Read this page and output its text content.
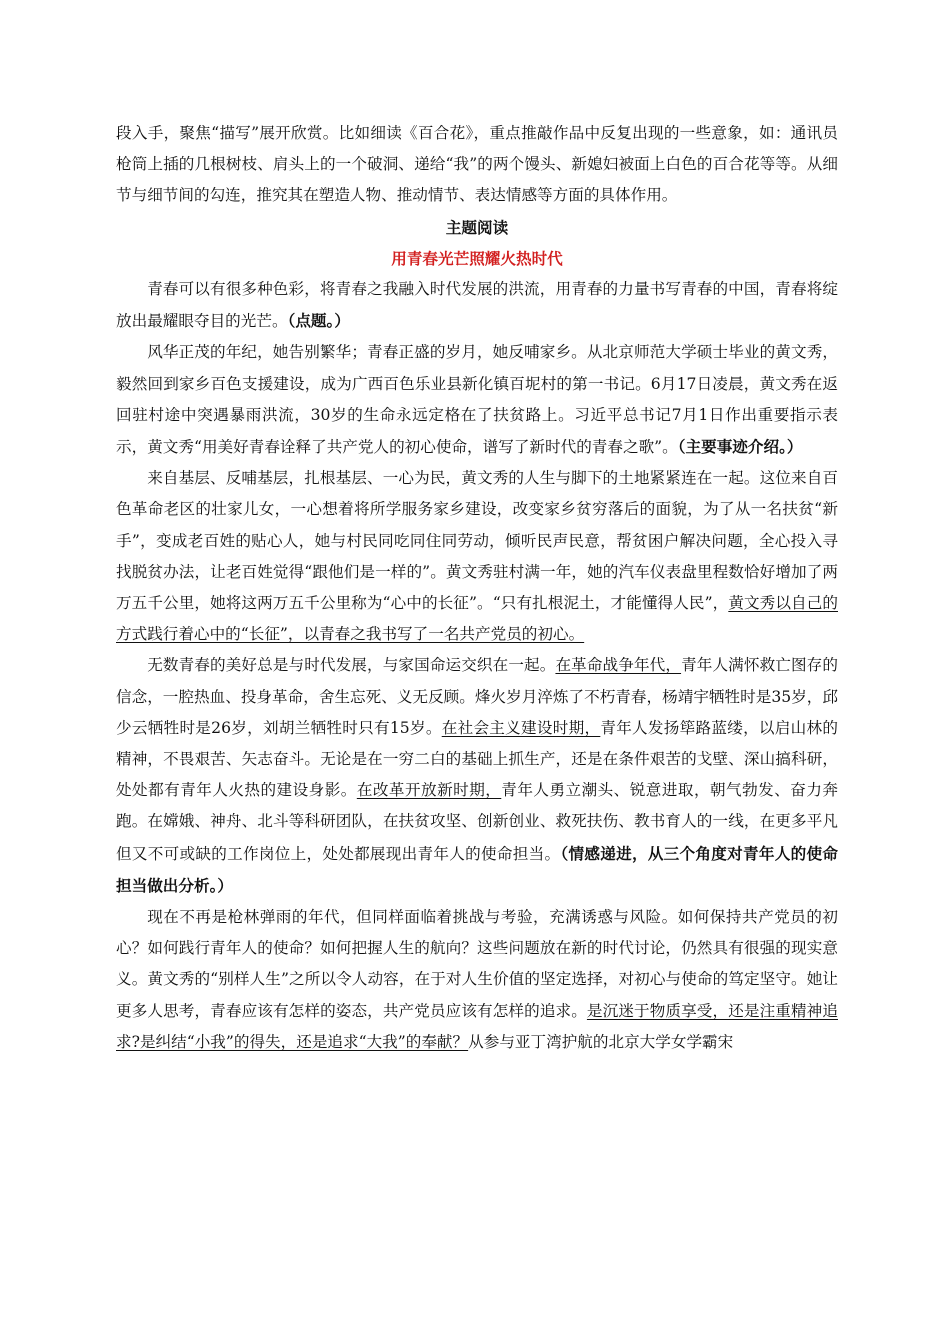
段入手，聚焦“描写”展开欣赏。比如细读《百合花》，重点推敲作品中反复出现的一些意象，如：通讯员枪筒上插的几根树枝、肩头上的一个破洞、递给“我”的两个馒头、新媳妇被面上白色的百合花等等。从细节与细节间的勾连，推究其在塑造人物、推动情节、表达情感等方面的具体作用。

主题阅读

用青春光芒照耀火热时代

青春可以有很多种色彩，将青春之我融入时代发展的洪流，用青春的力量书写青春的中国，青春将绽放出最耀眼夺目的光芒。（点题。）

风华正茂的年纪，她告别繁华；青春正盛的岁月，她反哺家乡。从北京师范大学硕士毕业的黄文秀，毅然回到家乡百色支援建设，成为广西百色乐业县新化镇百坭村的第一书记。6月17日凌晨，黄文秀在返回驻村途中突遇暴雨洪流，30岁的生命永远定格在了扶贫路上。习近平总书记7月1日作出重要指示表示，黄文秀“用美好青春诠释了共产党人的初心使命，谱写了新时代的青春之歌”。（主要事迹介绍。）

来自基层、反哺基层，扎根基层、一心为民，黄文秀的人生与脚下的土地紧紧连在一起。这位来自百色革命老区的壮家儿女，一心想着将所学服务家乡建设，改变家乡贫穷落后的面貌，为了从一名扶贫“新手”，变成老百姓的贴心人，她与村民同吃同住同劳动，倾听民声民意，帮贫困户解决问题，全心投入寻找脱贫办法，让老百姓觉得“跟他们是一样的”。黄文秀驻村满一年，她的汽车仪表盘里程数恰好增加了两万五千公里，她将这两万五千公里称为“心中的长征”。“只有扎根泥土，才能懂得人民”，黄文秀以自己的方式践行着心中的“长征”，以青春之我书写了一名共产党员的初心。

无数青春的美好总是与时代发展，与家国命运交织在一起。在革命战争年代，青年人满怀救亡图存的信念，一腔热血、投身革命，舍生忘死、义无反顾。烽火岁月淬炼了不朽青春，杨靖宇牺牲时是35岁，邱少云牺牲时是26岁，刘胡兰牺牲时只有15岁。在社会主义建设时期，青年人发扬筚路蓝缕，以启山林的精神，不畏艰苦、矢志奋斗。无论是在一穷二白的基础上抓生产，还是在条件艰苦的戈壁、深山搞科研，处处都有青年人火热的建设身影。在改革开放新时期，青年人勇立潮头、锐意进取，朝气勃发、奋力奔跑。在嫦娥、神舟、北斗等科研团队，在扶贫攻坚、创新创业、救死扶伤、教书育人的一线，在更多平凡但又不可或缺的工作岗位上，处处都展现出青年人的使命担当。（情感递进，从三个角度对青年人的使命担当做出分析。）

现在不再是枪林弹雨的年代，但同样面临着挑战与考验，充满诱惑与风险。如何保持共产党员的初心？如何践行青年人的使命？如何把握人生的航向？这些问题放在新的时代讨论，仍然具有很强的现实意义。黄文秀的“别样人生”之所以令人动容，在于对人生价值的坚定选择，对初心与使命的笃定坚守。她让更多人思考，青春应该有怎样的姿态，共产党员应该有怎样的追求。是沉迷于物质享受，还是注重精神追求?是纠结“小我”的得失，还是追求“大我”的奉献？从参与亚丁湾护航的北京大学女学霸宋
